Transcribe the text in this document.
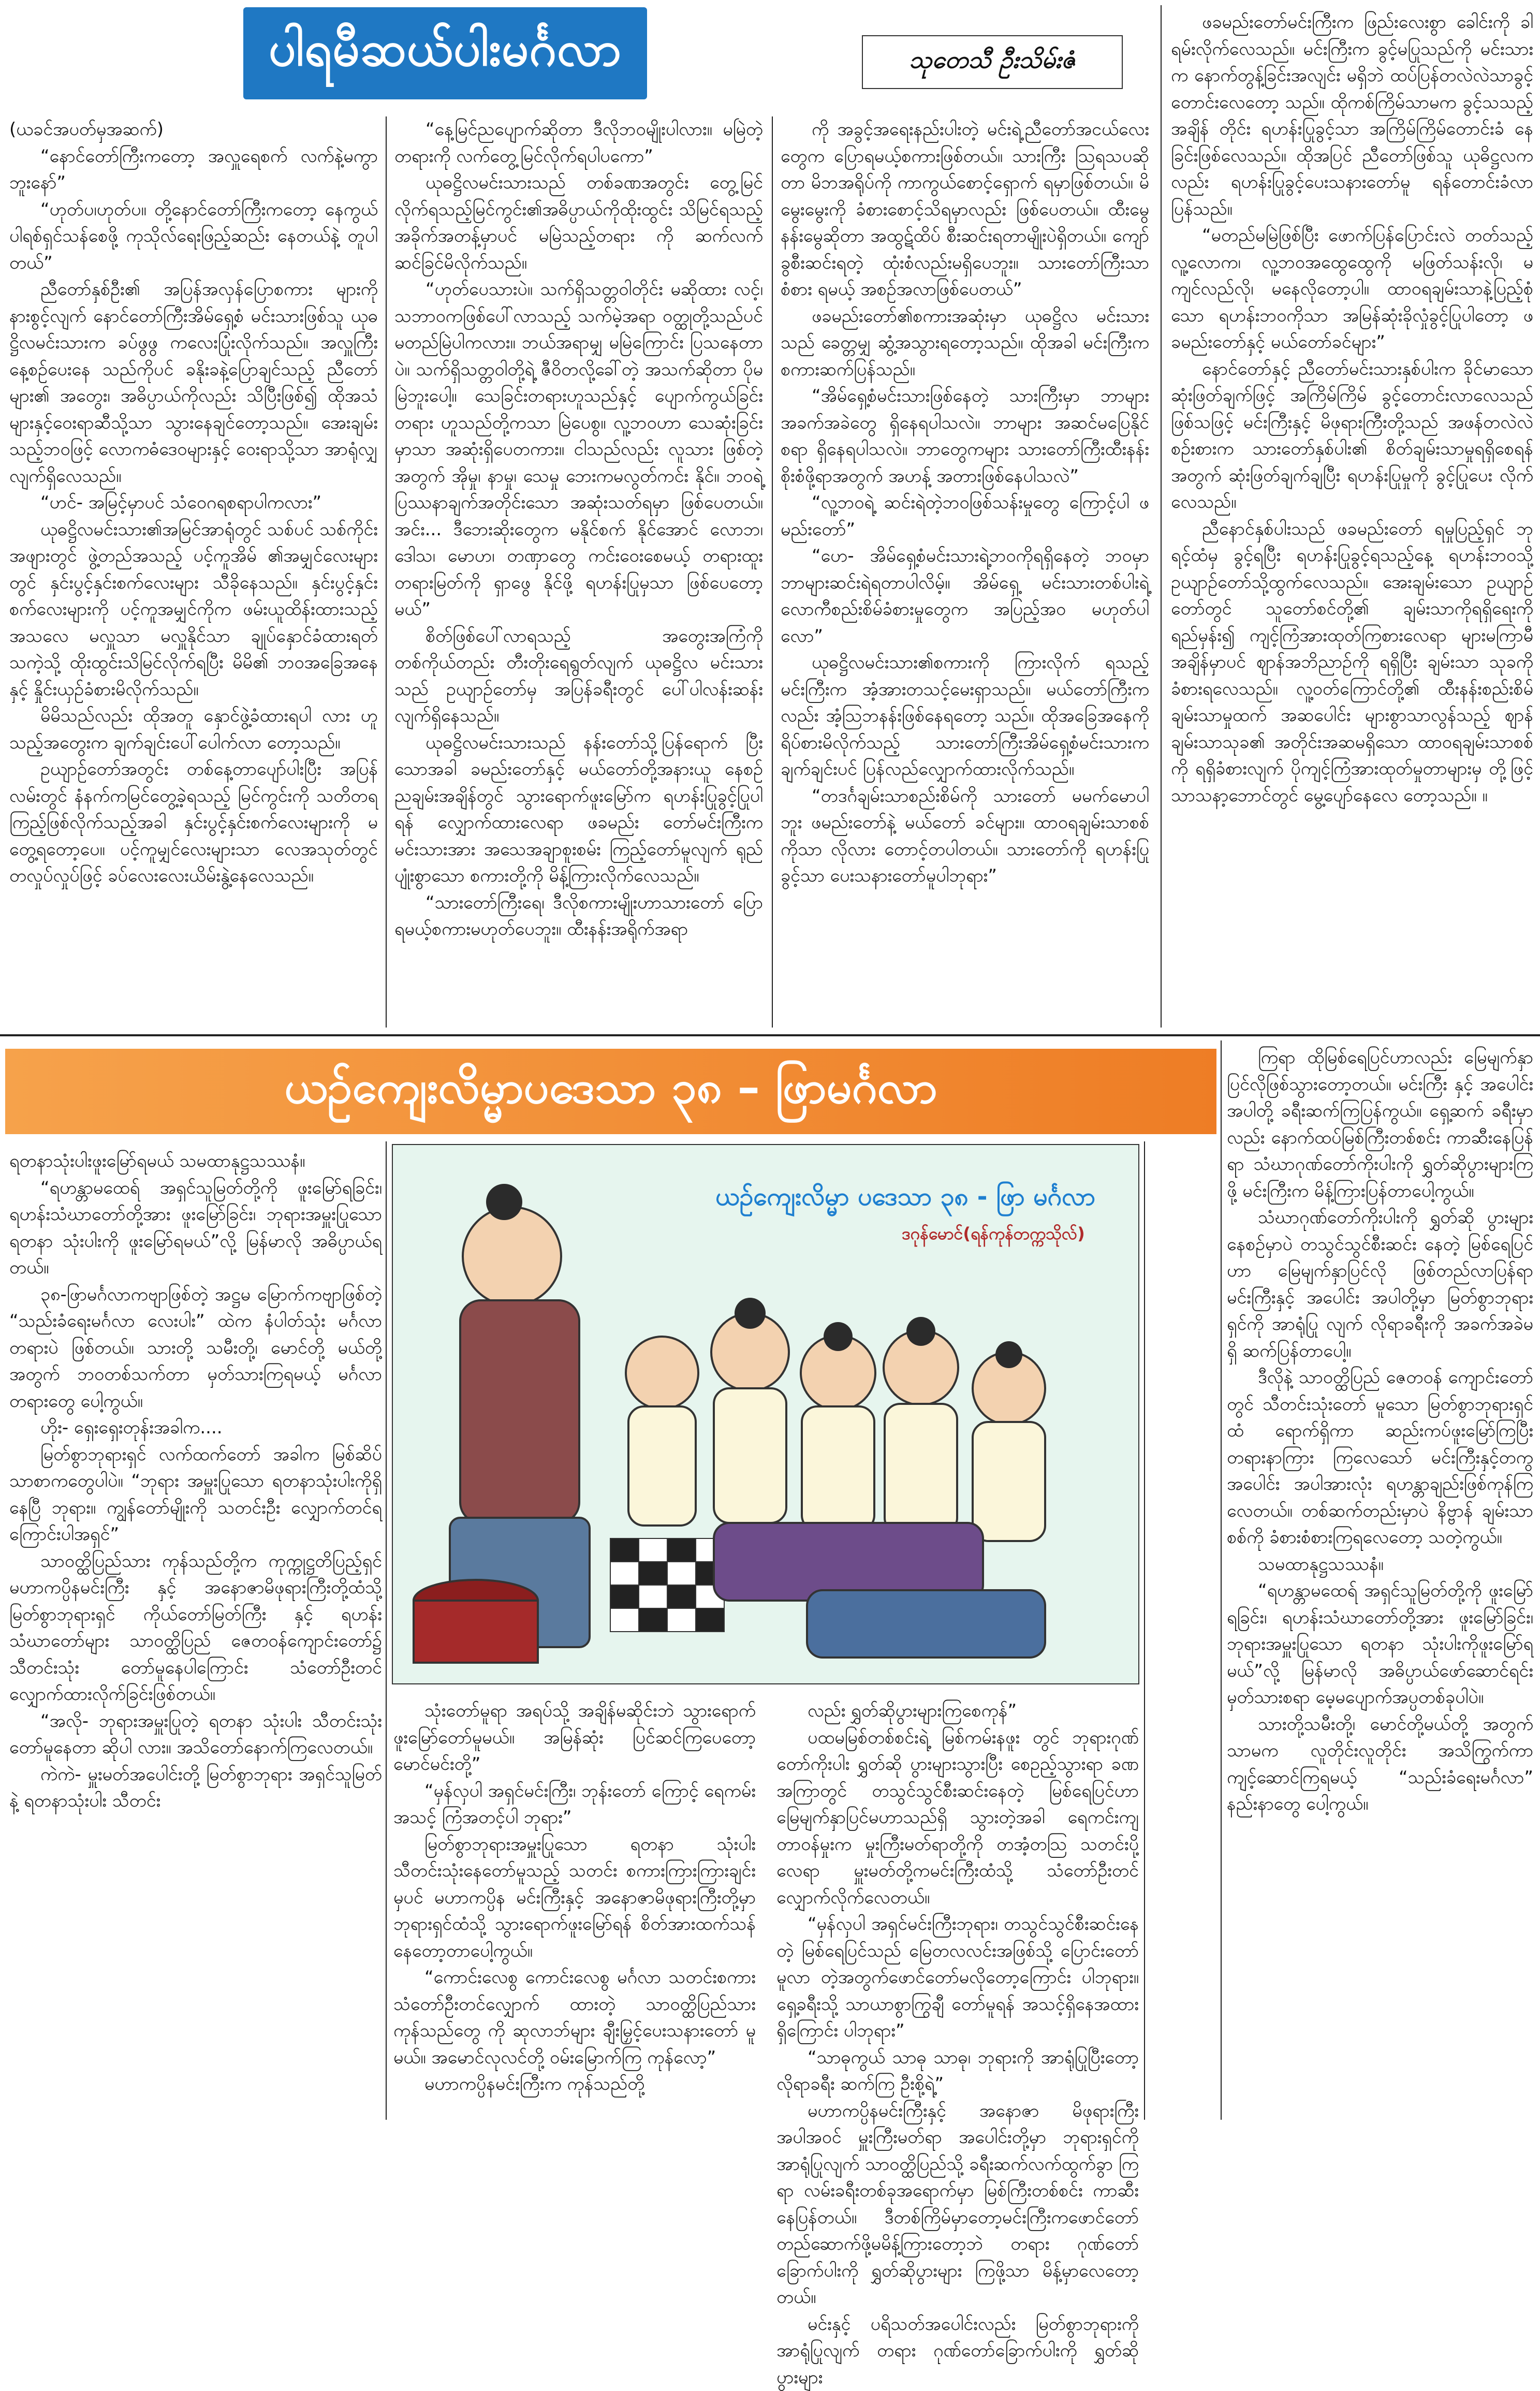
ပါရမီဆယ်ပါးမင်္ဂလာ	သုတေသီ ဦးသိမ်းဇံ

(ယခင်အပတ်မှအဆက်)

“နောင်တော်ကြီးကတော့ အလှူရေစက် လက်နဲ့မကွာဘူးနော်”

“ဟုတ်ပ၊ဟုတ်ပ။ တို့နောင်တော်ကြီးကတော့ နေကွယ်ပါရစ်ရှင်သန်စေဖို့ ကုသိုလ်ရေးဖြည့်ဆည်း နေတယ်နဲ့ တူပါတယ်”

ညီတော်နှစ်ဦး၏ အပြန်အလှန်ပြောစကား များကိုနားစွင့်လျက် နောင်တော်ကြီးအိမ်ရှေ့စံ မင်းသားဖြစ်သူ ယုဓဋ္ဌိလမင်းသားက ခပ်ဖွဖွ ကလေးပြုံးလိုက်သည်။ အလှူကြီးနေ့စဉ်ပေးနေ သည်ကိုပင် ခနိုးခနဲ့ပြောချင်သည့် ညီတော်များ၏ အတွေး၊ အဓိပ္ပာယ်ကိုလည်း သိပြီးဖြစ်၍ ထိုအသံ များနှင့်ဝေးရာဆီသို့သာ သွားနေချင်တော့သည်။ အေးချမ်းသည့်ဘဝဖြင့် လောကဓံဒေဝများနှင့် ဝေးရာသို့သာ အာရုံလျှလျက်ရှိလေသည်။

“ဟင်- အမြင့်မှာပင် သံဝေဂရစရာပါကလား”

ယုဓဋ္ဌိလမင်းသား၏အမြင်အာရုံတွင် သစ်ပင် သစ်ကိုင်းအဖျားတွင် ဖွဲ့တည်အသည့် ပင့်ကူအိမ် ၏အမျှင်လေးများတွင် နှင်းပွင့်နှင်းစက်လေးများ သီခိုနေသည်။ နှင်းပွင့်နှင်းစက်လေးများကို ပင့်ကူအမျှင်ကိုက ဖမ်းယူထိန်းထားသည့်အသလေ မလှူသာ မလှူနိုင်သာ ချုပ်နှောင်ခံထားရတ်သကဲ့သို့ ထိုးထွင်းသိမြင်လိုက်ရပြီး မိမိ၏ ဘဝအခြေအနေ နှင့် နှိုင်းယှဉ်ခံစားမိလိုက်သည်။

မိမိသည်လည်း ထိုအတူ နှောင်ဖွဲ့ခံထားရပါ လား ဟူသည့်အတွေးက ချက်ချင်းပေါ်ပေါက်လာ တော့သည်။

ဥယျာဉ်တော်အတွင်း တစ်နေ့တာပျော်ပါးပြီး အပြန်လမ်းတွင် နံနက်ကမြင်တွေ့ခဲ့ရသည့် မြင်ကွင်းကို သတိတရကြည့်ဖြစ်လိုက်သည့်အခါ နှင်းပွင့်နှင်းစက်လေးများကို မတွေ့ရတော့ပေ။ ပင့်ကူမျှင်လေးများသာ လေအသုတ်တွင် တလှုပ်လှုပ်ဖြင့် ခပ်လေးလေးယိမ်းနွဲ့နေလေသည်။

“နေ့မြင်ညပျောက်ဆိုတာ ဒီလိုဘဝမျိုးပါလား။ မမြဲတဲ့တရားကို လက်တွေ့မြင်လိုက်ရပါပကော”

ယုဓဋ္ဌိလမင်းသားသည် တစ်ခဏအတွင်း တွေ့မြင်လိုက်ရသည့်မြင်ကွင်း၏အဓိပ္ပာယ်ကိုထိုးထွင်း သိမြင်ရသည့် အခိုက်အတန့်မှာပင် မမြဲသည့်တရား ကို ဆက်လက်ဆင်ခြင်မိလိုက်သည်။

“ဟုတ်ပေသားပဲ။ သက်ရှိသတ္တဝါတိုင်း မဆိုထား လင့်၊ သဘာဝကဖြစ်ပေါ်လာသည့် သက်မဲ့အရာ ဝတ္ထုတို့သည်ပင် မတည်မြဲပါကလား။ ဘယ်အရာမျှ မမြဲကြောင်း ပြသနေတာပဲ။ သက်ရှိသတ္တဝါတို့ရဲ့ ဇီဝိတလို့ခေါ်တဲ့ အသက်ဆိုတာ ပိုမမြဲဘူးပေါ့။ သေခြင်းတရားဟူသည်နှင့် ပျောက်ကွယ်ခြင်းတရား ဟူသည်တို့ကသာ မြဲပေစွ။ လူ့ဘဝဟာ သေဆုံးခြင်း မှာသာ အဆုံးရှိပေတကား။ ငါသည်လည်း လူသား ဖြစ်တဲ့အတွက် အိုမှု၊ နာမှု၊ သေမှု ဘေးကမလွတ်ကင်း နိုင်။ ဘဝရဲ့ပြဿနာချက်အတိုင်းသော အဆုံးသတ်ရမှာ ဖြစ်ပေတယ်။ အင်း... ဒီဘေးဆိုးတွေက မနိုင်စက် နိုင်အောင် လောဘ၊ ဒေါသ၊ မောဟ၊ တဏှာတွေ ကင်းဝေးစေမယ့် တရားထူးတရားမြတ်ကို ရှာဖွေ နိုင်ဖို့ ရဟန်းပြုမှသာ ဖြစ်ပေတော့မယ်”

စိတ်ဖြစ်ပေါ်လာရသည့် အတွေးအကြံကို တစ်ကိုယ်တည်း တီးတိုးရေရွတ်လျက် ယုဓဋ္ဌိလ မင်းသားသည် ဥယျာဉ်တော်မှ အပြန်ခရီးတွင် ပေါ်ပါလန်းဆန်းလျက်ရှိနေသည်။

ယုဓဋ္ဌိလမင်းသားသည် နန်းတော်သို့ပြန်ရောက် ပြီးသောအခါ ခမည်းတော်နှင့် မယ်တော်တို့အနားယူ နေစဉ် ညချမ်းအချိန်တွင် သွားရောက်ဖူးမြော်က ရဟန်းပြုခွင့်ပြုပါရန် လျှောက်ထားလေရာ ဖခမည်း တော်မင်းကြီးက မင်းသားအား အသေအချာစူးစမ်း ကြည့်တော်မူလျက် ရုည်ပျုံးစွာသော စကားတို့ကို မိန့်ကြားလိုက်လေသည်။

“သားတော်ကြီးရေ၊ ဒီလိုစကားမျိုးဟာသားတော် ပြောရမယ့်စကားမဟုတ်ပေဘူး။ ထီးနန်းအရိုက်အရာ

ကို အခွင့်အရေးနည်းပါးတဲ့ မင်းရဲ့ညီတော်အငယ်လေး တွေက ပြောရမယ့်စကားဖြစ်တယ်။ သားကြီး ဩရသပဆိုတာ မိဘအရိုပ်ကို ကာကွယ်စောင့်ရှောက် ရမှာဖြစ်တယ်။ မိမွေးမွေးကို ခံစားစောင့်သိရမှာလည်း ဖြစ်ပေတယ်။ ထီးမွေနန်းမွေဆိုတာ အထွဋ်ထိပ် စီးဆင်းရတာမျိုးပဲရှိတယ်။ ကျော်ခွစီးဆင်းရတဲ့ ထုံးစံလည်းမရှိပေဘူး။ သားတော်ကြီးသာ စံစား ရမယ့် အစဉ်အလာဖြစ်ပေတယ်”

ဖခမည်းတော်၏စကားအဆုံးမှာ ယုဓဋ္ဌိလ မင်းသားသည် ခေတ္တမျှ ဆွံ့အသွားရတော့သည်။ ထိုအခါ မင်းကြီးက စကားဆက်ပြန်သည်။

“အိမ်ရှေ့စံမင်းသားဖြစ်နေတဲ့ သားကြီးမှာ ဘာများအခက်အခဲတွေ ရှိနေရပါသလဲ။ ဘာများ အဆင်မပြေနိုင်စရာ ရှိနေရပါသလဲ။ ဘာတွေကများ သားတော်ကြီးထီးနန်းစိုးစံဖို့ရာအတွက် အဟန့် အတားဖြစ်နေပါသလဲ”

“လူ့ဘဝရဲ့ ဆင်းရဲတဲ့ဘဝဖြစ်သန်းမှုတွေ ကြောင့်ပါ ဖမည်းတော်”

“ဟေ- အိမ်ရှေ့စံမင်းသားရဲ့ဘဝကိုရရှိနေတဲ့ ဘဝမှာ ဘာများဆင်းရဲရတာပါလိမ့်။ အိမ်ရှေ့ မင်းသားတစ်ပါးရဲ့ လောကီစည်းစိမ်ခံစားမှုတွေက အပြည့်အဝ မဟုတ်ပါလော”

ယုဓဋ္ဌိလမင်းသား၏စကားကို ကြားလိုက် ရသည့် မင်းကြီးက အံ့အားတသင့်မေးရှာသည်။ မယ်တော်ကြီးကလည်း အံ့ဩဘနန်းဖြစ်နေရတော့ သည်။ ထိုအခြေအနေကို ရိပ်စားမိလိုက်သည့် သားတော်ကြီးအိမ်ရှေ့စံမင်းသားက ချက်ချင်းပင် ပြန်လည်လျှောက်ထားလိုက်သည်။

“တဒင်္ဂချမ်းသာစည်းစိမ်ကို သားတော် မမက်မောပါဘူး ဖမည်းတော်နဲ့ မယ်တော် ခင်များ။ ထာဝရချမ်းသာစစ်ကိုသာ လိုလား တောင့်တပါတယ်။ သားတော်ကို ရဟန်းပြုခွင့်သာ ပေးသနားတော်မူပါဘုရား”

ဖခမည်းတော်မင်းကြီးက ဖြည်းလေးစွာ ခေါင်းကို ခါရမ်းလိုက်လေသည်။ မင်းကြီးက ခွင့်မပြုသည်ကို မင်းသားက နောက်တွန့်ခြင်းအလျင်း မရှိဘဲ ထပ်ပြန်တလဲလဲသာခွင့်တောင်းလေတော့ သည်။ ထိုကစ်ကြိမ်သာမက ခွင့်သသည့်အချိန် တိုင်း ရဟန်းပြုခွင့်သာ အကြိမ်ကြိမ်တောင်းခံ နေခြင်းဖြစ်လေသည်။ ထိုအပြင် ညီတော်ဖြစ်သူ ယုဓိဋ္ဌလကလည်း ရဟန်းပြုခွင့်ပေးသနားတော်မူ ရန်တောင်းခံလာပြန်သည်။

“မတည်မမြဲဖြစ်ပြီး ဖောက်ပြန်ပြောင်းလဲ တတ်သည့် လူ့လောက၊ လူ့ဘဝအထွေထွေကို မဖြတ်သန်းလို၊ မကျင်လည်လို၊ မနေလိုတော့ပါ။ ထာဝရချမ်းသာနဲ့ပြည့်စုံသော ရဟန်းဘဝကိုသာ အမြန်ဆုံးခိုလှုံခွင့်ပြုပါတော့ ဖခမည်းတော်နှင့် မယ်တော်ခင်များ”

နောင်တော်နှင့် ညီတော်မင်းသားနှစ်ပါးက ခိုင်မာသော ဆုံးဖြတ်ချက်ဖြင့် အကြိမ်ကြိမ် ခွင့်တောင်းလာလေသည်ဖြစ်သဖြင့် မင်းကြီးနှင့် မိဖုရားကြီးတို့သည် အဖန်တလဲလဲစဉ်းစားက သားတော်နှစ်ပါး၏ စိတ်ချမ်းသာမှုရရှိစေရန်အတွက် ဆုံးဖြတ်ချက်ချပြီး ရဟန်းပြုမှုကို ခွင့်ပြုပေး လိုက်လေသည်။

ညီနောင်နှစ်ပါးသည် ဖခမည်းတော် ရမှုပြည့်ရှင် ဘုရင့်ထံမှ ခွင့်ရပြီး ရဟန်းပြုခွင့်ရသည့်နေ့ ရဟန်းဘဝသို့ ဥယျာဉ်တော်သို့ထွက်လေသည်။ အေးချမ်းသော ဥယျာဉ်တော်တွင် သူတော်စင်တို့၏ ချမ်းသာကိုရရှိရေးကိုရည်မှန်း၍ ကျင့်ကြံအားထုတ်ကြစားလေရာ များမကြာမီ အချိန်မှာပင် ဈာန်အဘိညာဉ်ကို ရရှိပြီး ချမ်းသာ သုခကိုခံစားရလေသည်။ လူ့ဝတ်ကြောင်တို့၏ ထီးနန်းစည်းစိမ်ချမ်းသာမှုထက် အဆပေါင်း များစွာသာလွန်သည့် ဈာန်ချမ်းသာသုခ၏ အတိုင်းအဆမရှိသော ထာဝရချမ်းသာစစ်ကို ရရှိခံစားလျက် ပိုကျင့်ကြံအားထုတ်မှုတာများမှ တို့ဖြင့် သာသနာ့ဘောင်တွင် မွေ့ပျော်နေလေ တော့သည်။ ။

ယဉ်ကျေးလိမ္မာပဒေသာ ၃၈ – ဖြာမင်္ဂလာ

ရတနာသုံးပါးဖူးမြော်ရမယ် သမထာနုဋ္ဌသဿနံ။

“ရဟန္တာမထေရ် အရှင်သူမြတ်တို့ကို ဖူးမြော်ရခြင်း၊ ရဟန်းသံဃာတော်တို့အား ဖူးမြော်ခြင်း၊ ဘုရားအမှူးပြုသော ရတနာ သုံးပါးကို ဖူးမြော်ရမယ်”လို့ မြန်မာလို အဓိပ္ပာယ်ရတယ်။

၃၈-ဖြာမင်္ဂလာကဗျာဖြစ်တဲ့ အဋ္ဌမ မြောက်ကဗျာဖြစ်တဲ့ “သည်းခံရေးမင်္ဂလာ လေးပါး” ထဲက နံပါတ်သုံး မင်္ဂလာတရားပဲ ဖြစ်တယ်။ သားတို့ သမီးတို့၊ မောင်တို့ မယ်တို့အတွက် ဘဝတစ်သက်တာ မှတ်သားကြရမယ့် မင်္ဂလာတရားတွေ ပေါ့ကွယ်။

ဟိုး- ရှေးရှေးတုန်းအခါက....

မြတ်စွာဘုရားရှင် လက်ထက်တော် အခါက မြစ်ဆိပ်သာစာကတွေပါပဲ။ “ဘုရား အမှူးပြုသော ရတနာသုံးပါးကိုရှိနေပြီ ဘုရား။ ကျွန်တော်မျိုးကို သတင်းဦး လျှောက်တင်ရကြောင်းပါအရှင်”

သာဝတ္ထိပြည်သား ကုန်သည်တို့က ကုက္ကုဋ္ဌတိပြည့်ရှင် မဟာကပ္ပိနမင်းကြီး နှင့် အနောဇာမိဖုရားကြီးတို့ထံသို့ မြတ်စွာဘုရားရှင် ကိုယ်တော်မြတ်ကြီး နှင့် ရဟန်းသံဃာတော်များ သာဝတ္ထိပြည် ဇေတဝန်ကျောင်းတော်၌ သီတင်းသုံး တော်မူနေပါကြောင်း သံတော်ဦးတင် လျှောက်ထားလိုက်ခြင်းဖြစ်တယ်။

“အလို- ဘုရားအမှူးပြုတဲ့ ရတနာ သုံးပါး သီတင်းသုံးတော်မူနေတာ ဆိုပါ လား။ အသိတော်နောက်ကြလေတယ်။

ကဲကဲ- မှူးမတ်အပေါင်းတို့ မြတ်စွာဘုရား အရှင်သူမြတ်နဲ့ ရတနာသုံးပါး သီတင်း

ယဉ်ကျေးလိမ္မာ ပဒေသာ ၃၈ - ဖြာ မင်္ဂလာ
ဒဂုန်မောင်(ရန်ကုန်တက္ကသိုလ်)

သုံးတော်မူရာ အရပ်သို့ အချိန်မဆိုင်းဘဲ သွားရောက်ဖူးမြော်တော်မူမယ်။ အမြန်ဆုံး ပြင်ဆင်ကြပေတော့ မောင်မင်းတို့”

“မှန်လှပါ အရှင်မင်းကြီး၊ ဘုန်းတော် ကြောင့် ရေကမ်းအသင့် ကြံအတင့်ပါ ဘုရား”

မြတ်စွာဘုရားအမှူးပြုသော ရတနာ သုံးပါး သီတင်းသုံးနေတော်မူသည့် သတင်း စကားကြားကြားချင်းမှပင် မဟာကပ္ပိန မင်းကြီးနှင့် အနောဇာမိဖုရားကြီးတို့မှာ ဘုရားရှင်ထံသို့ သွားရောက်ဖူးမြော်ရန် စိတ်အားထက်သန်နေတော့တာပေါ့ကွယ်။

“ကောင်းလေစွ ကောင်းလေစွ မင်္ဂလာ သတင်းစကား သံတော်ဦးတင်လျှောက် ထားတဲ့ သာဝတ္ထိပြည်သား ကုန်သည်တွေ ကို ဆုလာဘ်များ ချီးမြှင့်ပေးသနားတော် မူမယ်။ အမောင်လုလင်တို့ ဝမ်းမြောက်ကြ ကုန်လော့”

မဟာကပ္ပိနမင်းကြီးက ကုန်သည်တို့

လည်း ရွှတ်ဆိုပွားများကြစေကုန်”

ပထမမြစ်တစ်စင်းရဲ့ မြစ်ကမ်းနဖူး တွင် ဘုရားဂုဏ်တော်ကိုးပါး ရွှတ်ဆို ပွားများသွားပြီး စေဥည့်သွားရာ ခဏ အကြာတွင် တသွင်သွင်စီးဆင်းနေတဲ့ မြစ်ရေပြင်ဟာ မြေမျက်နှာပြင်မဟာသည်ရှိ သွားတဲ့အခါ ရေကင်းကျ တာဝန်မှုးက မှုးကြီးမတ်ရာတို့ကို တအံ့တဩ သတင်းပို့ လေရာ မှူးမတ်တို့ကမင်းကြီးထံသို့ သံတော်ဦးတင် လျှောက်လိုက်လေတယ်။

“မှန်လှပါ အရှင်မင်းကြီးဘုရား၊ တသွင်သွင်စီးဆင်းနေတဲ့ မြစ်ရေပြင်သည် မြေတလလင်းအဖြစ်သို့ ပြောင်းတော်မူလာ တဲ့အတွက်ဖောင်တော်မလိုတော့ကြောင်း ပါဘုရား။ ရှေ့ခရီးသို့ သာယာစွာကြွချီ တော်မူရန် အသင့်ရှိနေအထားရှိကြောင်း ပါဘုရား”

“သာဓုကွယ် သာဓု သာဓု၊ ဘုရားကို အာရုံပြုပြီးတော့ လိုရာခရီး ဆက်ကြ ဦးစို့ရဲ့”

မဟာကပ္ပိနမင်းကြီးနှင့် အနောဇာ မိဖုရားကြီးအပါအဝင် မှူးကြီးမတ်ရာ အပေါင်းတို့မှာ ဘုရားရှင်ကို အာရုံပြုလျက် သာဝတ္ထိပြည်သို့ ခရီးဆက်လက်ထွက်ခွာ ကြရာ လမ်းခရီးတစ်ခုအရောက်မှာ မြစ်ကြီးတစ်စင်း ကာဆီးနေပြန်တယ်။ ဒီတစ်ကြိမ်မှာတော့မင်းကြီးကဖောင်တော် တည်ဆောက်ဖို့မမိန့်ကြားတော့ဘဲ တရား ဂုဏ်တော်ခြောက်ပါးကို ရွှတ်ဆိုပွားများ ကြဖို့သာ မိန့်မှာလေတော့တယ်။

မင်းနှင့် ပရိသတ်အပေါင်းလည်း မြတ်စွာဘုရားကိုအာရုံပြုလျက် တရား ဂုဏ်တော်ခြောက်ပါးကို ရွှတ်ဆိုပွားများ

ကြရာ ထိုမြစ်ရေပြင်ဟာလည်း မြေမျက်နှာ ပြင်လိုဖြစ်သွားတော့တယ်။ မင်းကြီး နှင့် အပေါင်းအပါတို့ ခရီးဆက်ကြပြန်ကွယ်။ ရှေ့ဆက် ခရီးမှာလည်း နောက်ထပ်မြစ်ကြီးတစ်စင်း ကာဆီးနေပြန်ရာ သံဃာဂုဏ်တော်ကိုးပါးကို ရွှတ်ဆိုပွားများကြဖို့ မင်းကြီးက မိန့်ကြားပြန်တာပေါ့ကွယ်။

သံဃာဂုဏ်တော်ကိုးပါးကို ရွှတ်ဆို ပွားများနေစဉ်မှာပဲ တသွင်သွင်စီးဆင်း နေတဲ့ မြစ်ရေပြင်ဟာ မြေမျက်နှာပြင်လို ဖြစ်တည်လာပြန်ရာ မင်းကြီးနှင့် အပေါင်း အပါတို့မှာ မြတ်စွာဘုရားရှင်ကို အာရုံပြု လျက် လိုရာခရီးကို အခက်အခဲမရှိ ဆက်ပြန်တာပေါ့။

ဒီလိုနဲ့ သာဝတ္ထိပြည် ဇေတဝန် ကျောင်းတော်တွင် သီတင်းသုံးတော် မူသော မြတ်စွာဘုရားရှင်ထံ ရောက်ရှိကာ ဆည်းကပ်ဖူးမြော်ကြပြီး တရားနာကြား ကြလေသော် မင်းကြီးနှင့်တကွ အပေါင်း အပါအားလုံး ရဟန္တာချည်းဖြစ်ကုန်ကြ လေတယ်။ တစ်ဆက်တည်းမှာပဲ နိဗ္ဗာန် ချမ်းသာစစ်ကို ခံစားစံစားကြရလေတော့ သတဲ့ကွယ်။

သမထာနုဋ္ဌသဿနံ။

“ရဟန္တာမထေရ် အရှင်သူမြတ်တို့ကို ဖူးမြော်ရခြင်း၊ ရဟန်းသံဃာတော်တို့အား ဖူးမြော်ခြင်း၊ ဘုရားအမှူးပြုသော ရတနာ သုံးပါးကိုဖူးမြော်ရမယ်”လို့ မြန်မာလို အဓိပ္ပာယ်ဖော်ဆောင်ရင်း မှတ်သားစရာ မေ့မပျောက်အပ္ပတစ်ခုပါပဲ။

သားတို့သမီးတို့၊ မောင်တို့မယ်တို့ အတွက်သာမက လူတိုင်းလူတိုင်း အသိကြွက်ကာ ကျင့်ဆောင်ကြရမယ့် “သည်းခံရေးမင်္ဂလာ” နည်းနာတွေ ပေါ့ကွယ်။
